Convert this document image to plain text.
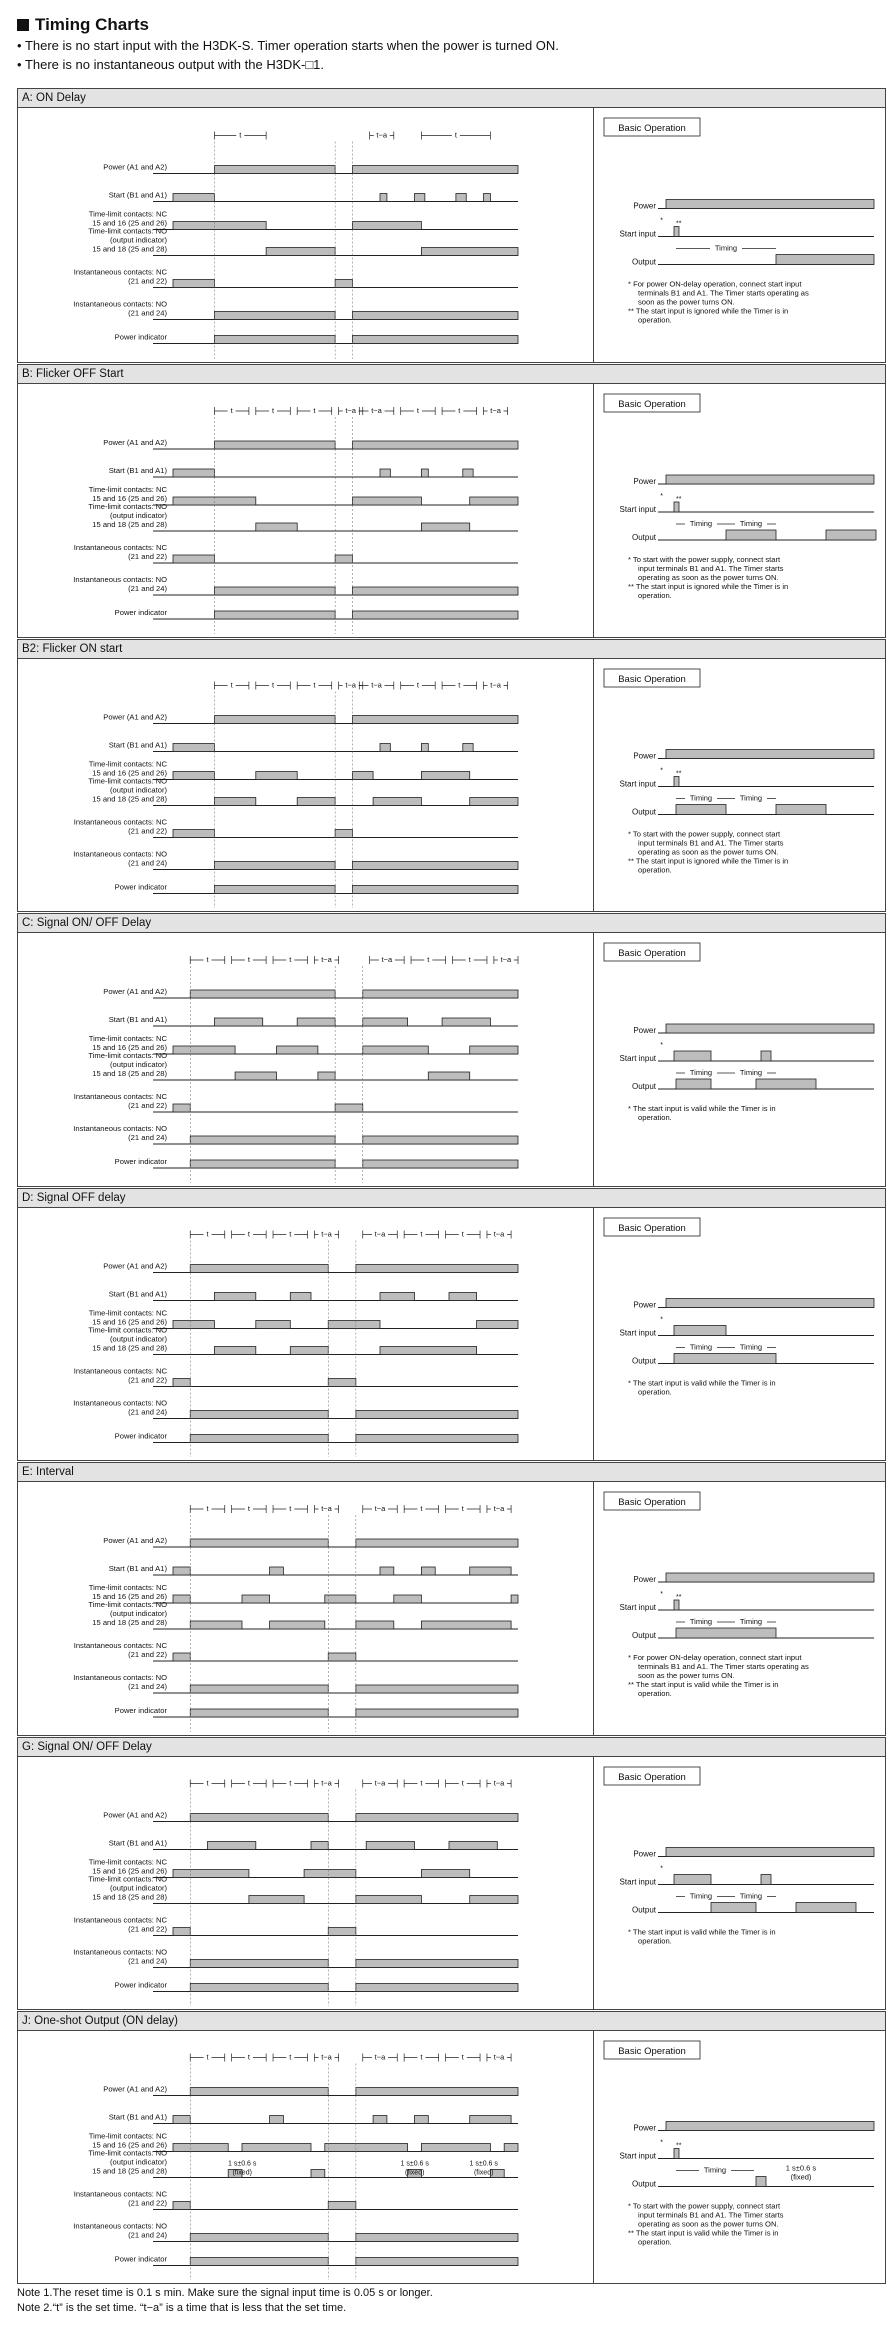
Timing Charts
• There is no start input with the H3DK-S. Timer operation starts when the power is turned ON.
• There is no instantaneous output with the H3DK-□1.
A: ON Delay
Power (A1 and A2)
Start (B1 and A1)
Time-limit contacts: NC
15 and 16 (25 and 26)
Time-limit contacts: NO
(output indicator)
15 and 18 (25 and 28)
Instantaneous contacts: NC
(21 and 22)
Instantaneous contacts: NO
(21 and 24)
Power indicator
t	t−a	t
Basic Operation
Power
Start input
Output
* **
Timing
* For power ON-delay operation, connect start input
terminals B1 and A1. The Timer starts operating as
soon as the power turns ON.
** The start input is ignored while the Timer is in
operation.
B: Flicker OFF Start
Power (A1 and A2)
Start (B1 and A1)
Time-limit contacts: NC
15 and 16 (25 and 26)
Time-limit contacts: NO
(output indicator)
15 and 18 (25 and 28)
Instantaneous contacts: NC
(21 and 22)
Instantaneous contacts: NO
(21 and 24)
Power indicator
t	t	t	t−a t−a	t	t	t−a
Basic Operation
Power
Start input
Output
* **
Timing	Timing
* To start with the power supply, connect start
input terminals B1 and A1. The Timer starts
operating as soon as the power turns ON.
** The start input is ignored while the Timer is in
operation.
B2: Flicker ON start
Power (A1 and A2)
Start (B1 and A1)
Time-limit contacts: NC
15 and 16 (25 and 26)
Time-limit contacts: NO
(output indicator)
15 and 18 (25 and 28)
Instantaneous contacts: NC
(21 and 22)
Instantaneous contacts: NO
(21 and 24)
Power indicator
t	t	t	t−a t−a	t	t	t−a	Basic Operation
Power
Start input
Output
* **
Timing	Timing
* To start with the power supply, connect start
input terminals B1 and A1. The Timer starts
operating as soon as the power turns ON.
** The start input is ignored while the Timer is in
operation.
C: Signal ON/ OFF Delay
Power (A1 and A2)
Start (B1 and A1)
Time-limit contacts: NC
15 and 16 (25 and 26)
Time-limit contacts: NO
(output indicator)
15 and 18 (25 and 28)
Instantaneous contacts: NC
(21 and 22)
Instantaneous contacts: NO
(21 and 24)
Power indicator
t	t	t	t−a	t−a	t	t	t−a
Basic Operation
Power
Start input
Output
*
Timing	Timing
* The start input is valid while the Timer is in
operation.
D: Signal OFF delay
Power (A1 and A2)
Start (B1 and A1)
Time-limit contacts: NC
15 and 16 (25 and 26)
Time-limit contacts: NO
(output indicator)
15 and 18 (25 and 28)
Instantaneous contacts: NC
(21 and 22)
Instantaneous contacts: NO
(21 and 24)
Power indicator
t	t	t	t−a	t−a	t	t	t−a	Basic Operation
Power
Start input
Output
*
Timing	Timing
* The start input is valid while the Timer is in
operation.
E: Interval
Power (A1 and A2)
Start (B1 and A1)
Time-limit contacts: NC
15 and 16 (25 and 26)
Time-limit contacts: NO
(output indicator)
15 and 18 (25 and 28)
Instantaneous contacts: NC
(21 and 22)
Instantaneous contacts: NO
(21 and 24)
Power indicator
t	t	t	t−a	t−a	t	t	t−a
Basic Operation
Power
Start input
Output
* **
Timing	Timing
* For power ON-delay operation, connect start input
terminals B1 and A1. The Timer starts operating as
soon as the power turns ON.
** The start input is valid while the Timer is in
operation.
G: Signal ON/ OFF Delay
Power (A1 and A2)
Start (B1 and A1)
Time-limit contacts: NC
15 and 16 (25 and 26)
Time-limit contacts: NO
(output indicator)
15 and 18 (25 and 28)
Instantaneous contacts: NC
(21 and 22)
Instantaneous contacts: NO
(21 and 24)
Power indicator
t	t	t	t−a	t−a	t	t	t−a	Basic Operation
Power
Start input
Output
*
Timing	Timing
* The start input is valid while the Timer is in
operation.
J: One-shot Output (ON delay)
Power (A1 and A2)
Start (B1 and A1)
Time-limit contacts: NC
15 and 16 (25 and 26)
Time-limit contacts: NO
(output indicator)
15 and 18 (25 and 28)
Instantaneous contacts: NC
(21 and 22)
Instantaneous contacts: NO
(21 and 24)
Power indicator
t	t	t	t−a	t−a	t	t	t−a
1 s±0.6 s
(fixed)
1 s±0.6 s
(fixed)
1 s±0.6 s
(fixed)
Basic Operation
Power
Start input
Output
* **
Timing	1 s±0.6 s
(fixed)
* To start with the power supply, connect start
input terminals B1 and A1. The Timer starts
operating as soon as the power turns ON.
** The start input is valid while the Timer is in
operation.
Note 1.The reset time is 0.1 s min. Make sure the signal input time is 0.05 s or longer.
Note 2.“t” is the set time. “t−a” is a time that is less that the set time.
